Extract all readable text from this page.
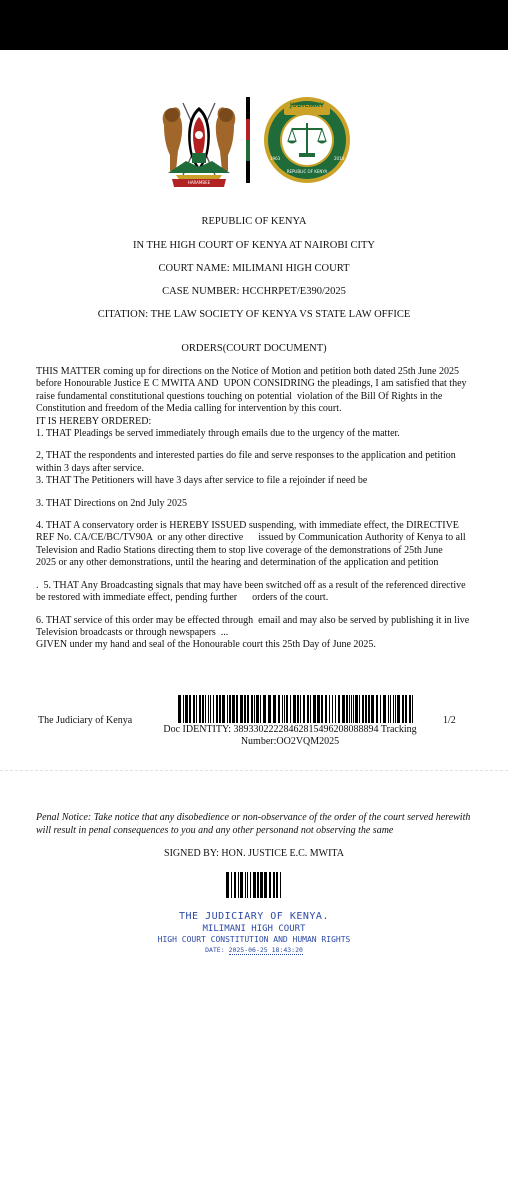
HARAMBEE
JUDICIARY
REPUBLIC OF KENYA
1963	2014
REPUBLIC OF KENYA
IN THE HIGH COURT OF KENYA AT NAIROBI CITY
COURT NAME: MILIMANI HIGH COURT
CASE NUMBER: HCCHRPET/E390/2025
CITATION: THE LAW SOCIETY OF KENYA VS STATE LAW OFFICE
ORDERS(COURT DOCUMENT)

THIS MATTER coming up for directions on the Notice of Motion and petition both dated 25th June 2025  before Honourable Justice E C MWITA AND  UPON CONSIDRING the pleadings, I am satisfied that they raise fundamental constitutional questions touching on potential  violation of the Bill Of Rights in the Constitution and freedom of the Media calling for intervention by this court.

IT IS HEREBY ORDERED:

1. THAT Pleadings be served immediately through emails due to the urgency of the matter.

2, THAT the respondents and interested parties do file and serve responses to the application and petition within 3 days after service.

3. THAT The Petitioners will have 3 days after service to file a rejoinder if need be

3. THAT Directions on 2nd July 2025

4. THAT A conservatory order is HEREBY ISSUED suspending, with immediate effect, the DIRECTIVE REF No. CA/CE/BC/TV90A  or any other directive      issued by Communication Authority of Kenya to all Television and Radio Stations directing them to stop live coverage of the demonstrations of 25th June      2025 or any other demonstrations, until the hearing and determination of the application and petition

.  5. THAT Any Broadcasting signals that may have been switched off as a result of the referenced directive be restored with immediate effect, pending further      orders of the court.

6. THAT service of this order may be effected through  email and may also be served by publishing it in live Television broadcasts or through newspapers  ...

GIVEN under my hand and seal of the Honourable court this 25th Day of June 2025.

The Judiciary of Kenya
Doc IDENTITY: 38933022228462815496208088894 Tracking Number:OO2VQM2025
1/2
Penal Notice: Take notice that any disobedience or non-observance of the order of the court served herewith will result in penal consequences to you and any other personand not observing the same
SIGNED BY: HON. JUSTICE E.C. MWITA
THE JUDICIARY OF KENYA.
MILIMANI HIGH COURT
HIGH COURT CONSTITUTION AND HUMAN RIGHTS
DATE: 2025-06-25 18:43:20
